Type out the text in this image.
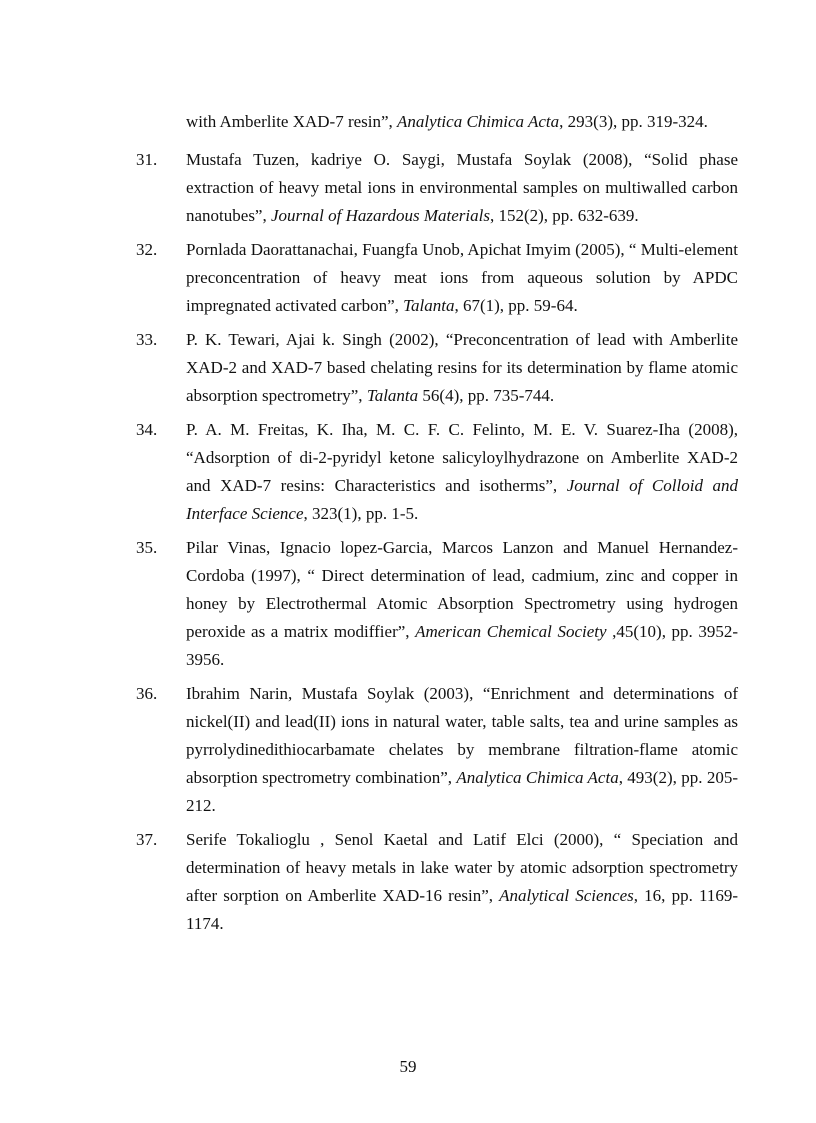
with Amberlite XAD-7 resin”, Analytica Chimica Acta, 293(3), pp. 319-324.
31 . Mustafa Tuzen, kadriye O. Saygi, Mustafa Soylak (2008), “Solid phase extraction of heavy metal ions in environmental samples on multiwalled carbon nanotubes”, Journal of Hazardous Materials, 152(2), pp. 632-639.
32 . Pornlada Daorattanachai, Fuangfa Unob, Apichat Imyim (2005), “ Multi-element preconcentration of heavy meat ions from aqueous solution by APDC impregnated activated carbon”, Talanta, 67(1), pp. 59-64.
33 . P. K. Tewari, Ajai k. Singh (2002), “Preconcentration of lead with Amberlite XAD-2 and XAD-7 based chelating resins for its determination by flame atomic absorption spectrometry”, Talanta 56(4), pp. 735-744.
34 . P. A. M. Freitas, K. Iha, M. C. F. C. Felinto, M. E. V. Suarez-Iha (2008), “Adsorption of di-2-pyridyl ketone salicyloylhydrazone on Amberlite XAD-2 and XAD-7 resins: Characteristics and isotherms”, Journal of Colloid and Interface Science, 323(1), pp. 1-5.
35 . Pilar Vinas, Ignacio lopez-Garcia, Marcos Lanzon and Manuel Hernandez-Cordoba (1997), “ Direct determination of lead, cadmium, zinc and copper in honey by Electrothermal Atomic Absorption Spectrometry using hydrogen peroxide as a matrix modiffier”, American Chemical Society ,45(10), pp. 3952-3956.
36 . Ibrahim Narin, Mustafa Soylak (2003), “Enrichment and determinations of nickel(II) and lead(II) ions in natural water, table salts, tea and urine samples as pyrrolydinedithiocarbamate chelates by membrane filtration-flame atomic absorption spectrometry combination”, Analytica Chimica Acta, 493(2), pp. 205-212.
37 . Serife Tokalioglu , Senol Kaetal and Latif Elci (2000), “ Speciation and determination of heavy metals in lake water by atomic adsorption spectrometry after sorption on Amberlite XAD-16 resin”, Analytical Sciences, 16, pp. 1169-1174.
59
